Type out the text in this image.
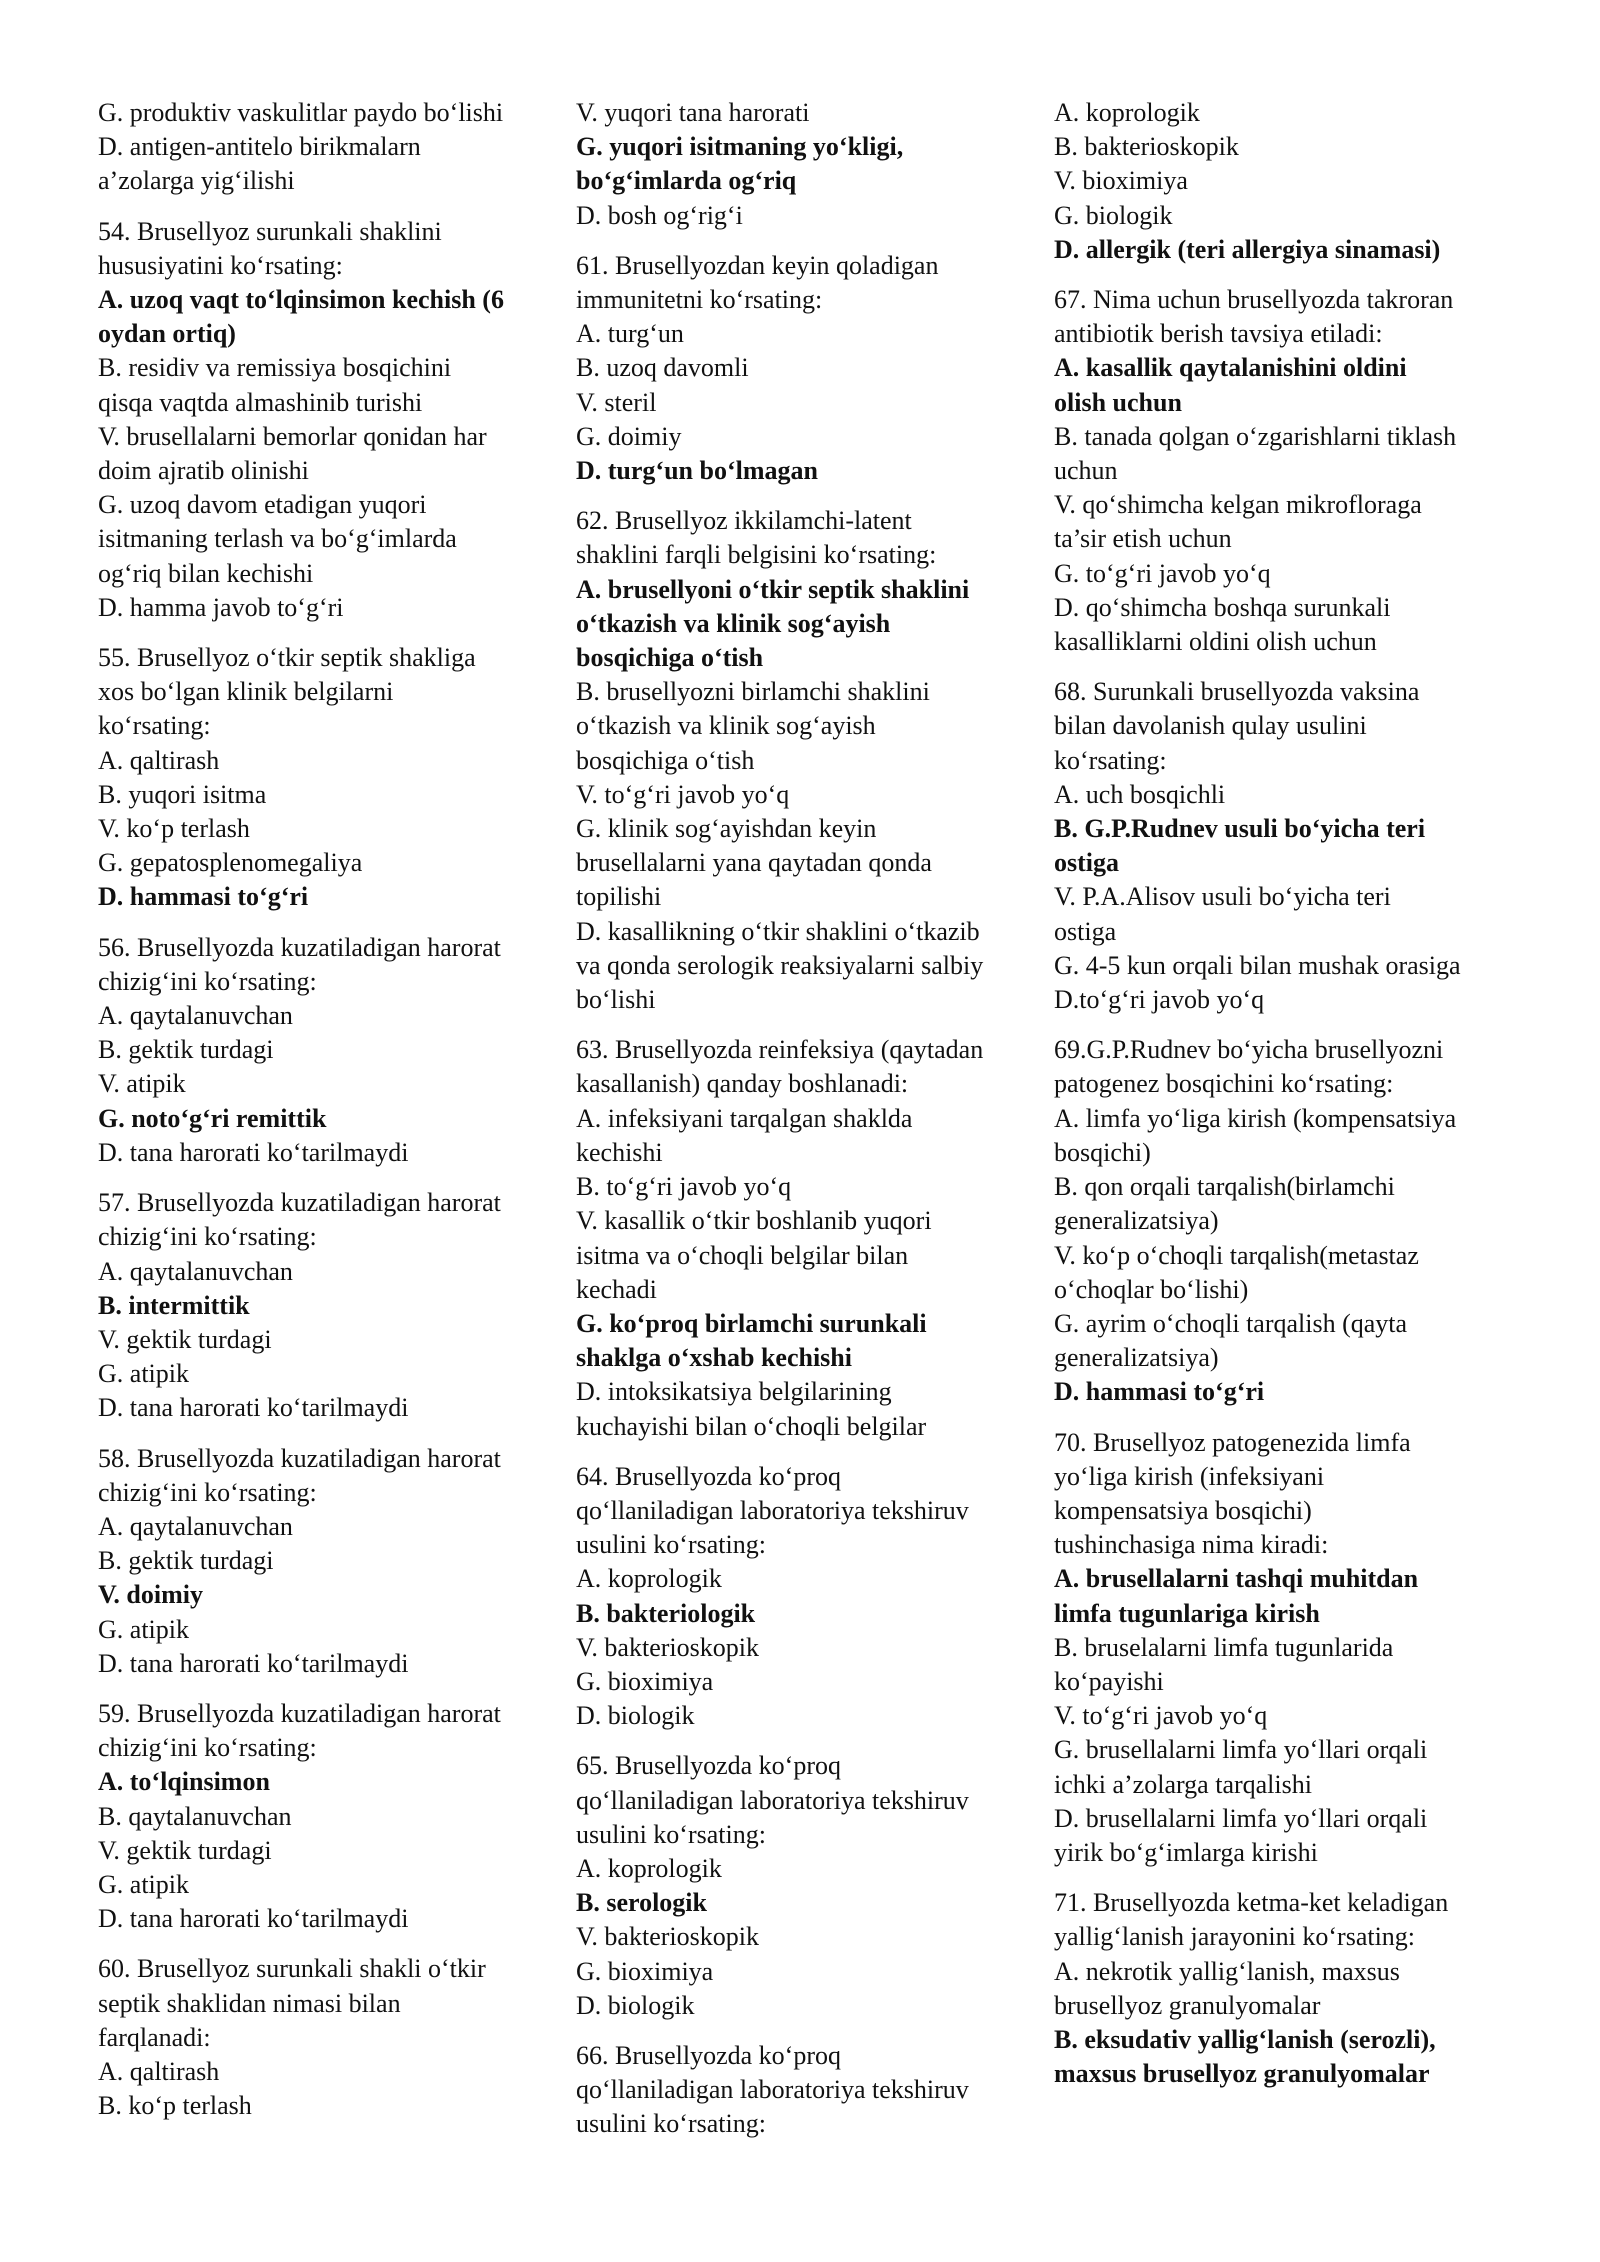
G. produktiv vaskulitlar paydo bo‘lishi

D. antigen-antitelo birikmalarn

a’zolarga yig‘ilishi

54. Brusellyoz surunkali shaklini

hususiyatini ko‘rsating:

A. uzoq vaqt to‘lqinsimon kechish (6

oydan ortiq)

B. residiv va remissiya bosqichini

qisqa vaqtda almashinib turishi

V. brusellalarni bemorlar qonidan har

doim ajratib olinishi

G. uzoq davom etadigan yuqori

isitmaning terlash va bo‘g‘imlarda

og‘riq bilan kechishi

D. hamma javob to‘g‘ri

55. Brusellyoz o‘tkir septik shakliga

xos bo‘lgan klinik belgilarni

ko‘rsating:

A. qaltirash

B. yuqori isitma

V. ko‘p terlash

G. gepatosplenomegaliya

D. hammasi to‘g‘ri

56. Brusellyozda kuzatiladigan harorat

chizig‘ini ko‘rsating:

A. qaytalanuvchan

B. gektik turdagi

V. atipik

G. noto‘g‘ri remittik

D. tana harorati ko‘tarilmaydi

57. Brusellyozda kuzatiladigan harorat

chizig‘ini ko‘rsating:

A. qaytalanuvchan

B. intermittik

V. gektik turdagi

G. atipik

D. tana harorati ko‘tarilmaydi

58. Brusellyozda kuzatiladigan harorat

chizig‘ini ko‘rsating:

A. qaytalanuvchan

B. gektik turdagi

V. doimiy

G. atipik

D. tana harorati ko‘tarilmaydi

59. Brusellyozda kuzatiladigan harorat

chizig‘ini ko‘rsating:

A. to‘lqinsimon

B. qaytalanuvchan

V. gektik turdagi

G. atipik

D. tana harorati ko‘tarilmaydi

60. Brusellyoz surunkali shakli o‘tkir

septik shaklidan nimasi bilan

farqlanadi:

A. qaltirash

B. ko‘p terlash

V. yuqori tana harorati

G. yuqori isitmaning yo‘kligi,

bo‘g‘imlarda og‘riq

D. bosh og‘rig‘i

61. Brusellyozdan keyin qoladigan

immunitetni ko‘rsating:

A. turg‘un

B. uzoq davomli

V. steril

G. doimiy

D. turg‘un bo‘lmagan

62. Brusellyoz ikkilamchi-latent

shaklini farqli belgisini ko‘rsating:

A. brusellyoni o‘tkir septik shaklini

o‘tkazish va klinik sog‘ayish

bosqichiga o‘tish

B. brusellyozni birlamchi shaklini

o‘tkazish va klinik sog‘ayish

bosqichiga o‘tish

V. to‘g‘ri javob yo‘q

G. klinik sog‘ayishdan keyin

brusellalarni yana qaytadan qonda

topilishi

D. kasallikning o‘tkir shaklini o‘tkazib

va qonda serologik reaksiyalarni salbiy

bo‘lishi

63. Brusellyozda reinfeksiya (qaytadan

kasallanish) qanday boshlanadi:

A. infeksiyani tarqalgan shaklda

kechishi

B. to‘g‘ri javob yo‘q

V. kasallik o‘tkir boshlanib yuqori

isitma va o‘choqli belgilar bilan

kechadi

G. ko‘proq birlamchi surunkali

shaklga o‘xshab kechishi

D. intoksikatsiya belgilarining

kuchayishi bilan o‘choqli belgilar

64. Brusellyozda ko‘proq

qo‘llaniladigan laboratoriya tekshiruv

usulini ko‘rsating:

A. koprologik

B. bakteriologik

V. bakterioskopik

G. bioximiya

D. biologik

65. Brusellyozda ko‘proq

qo‘llaniladigan laboratoriya tekshiruv

usulini ko‘rsating:

A. koprologik

B. serologik

V. bakterioskopik

G. bioximiya

D. biologik

66. Brusellyozda ko‘proq

qo‘llaniladigan laboratoriya tekshiruv

usulini ko‘rsating:

A. koprologik

B. bakterioskopik

V. bioximiya

G. biologik

D. allergik (teri allergiya sinamasi)

67. Nima uchun brusellyozda takroran

antibiotik berish tavsiya etiladi:

A. kasallik qaytalanishini oldini

olish uchun

B. tanada qolgan o‘zgarishlarni tiklash

uchun

V. qo‘shimcha kelgan mikrofloraga

ta’sir etish uchun

G. to‘g‘ri javob yo‘q

D. qo‘shimcha boshqa surunkali

kasalliklarni oldini olish uchun

68. Surunkali brusellyozda vaksina

bilan davolanish qulay usulini

ko‘rsating:

A. uch bosqichli

B. G.P.Rudnev usuli bo‘yicha teri

ostiga

V. P.A.Alisov usuli bo‘yicha teri

ostiga

G. 4-5 kun orqali bilan mushak orasiga

D.to‘g‘ri javob yo‘q

69.G.P.Rudnev bo‘yicha brusellyozni

patogenez bosqichini ko‘rsating:

A. limfa yo‘liga kirish (kompensatsiya

bosqichi)

B. qon orqali tarqalish(birlamchi

generalizatsiya)

V. ko‘p o‘choqli tarqalish(metastaz

o‘choqlar bo‘lishi)

G. ayrim o‘choqli tarqalish (qayta

generalizatsiya)

D. hammasi to‘g‘ri

70. Brusellyoz patogenezida limfa

yo‘liga kirish (infeksiyani

kompensatsiya bosqichi)

tushinchasiga nima kiradi:

A. brusellalarni tashqi muhitdan

limfa tugunlariga kirish

B. bruselalarni limfa tugunlarida

ko‘payishi

V. to‘g‘ri javob yo‘q

G. brusellalarni limfa yo‘llari orqali

ichki a’zolarga tarqalishi

D. brusellalarni limfa yo‘llari orqali

yirik bo‘g‘imlarga kirishi

71. Brusellyozda ketma-ket keladigan

yallig‘lanish jarayonini ko‘rsating:

A. nekrotik yallig‘lanish, maxsus

brusellyoz granulyomalar

B. eksudativ yallig‘lanish (serozli),

maxsus brusellyoz granulyomalar
